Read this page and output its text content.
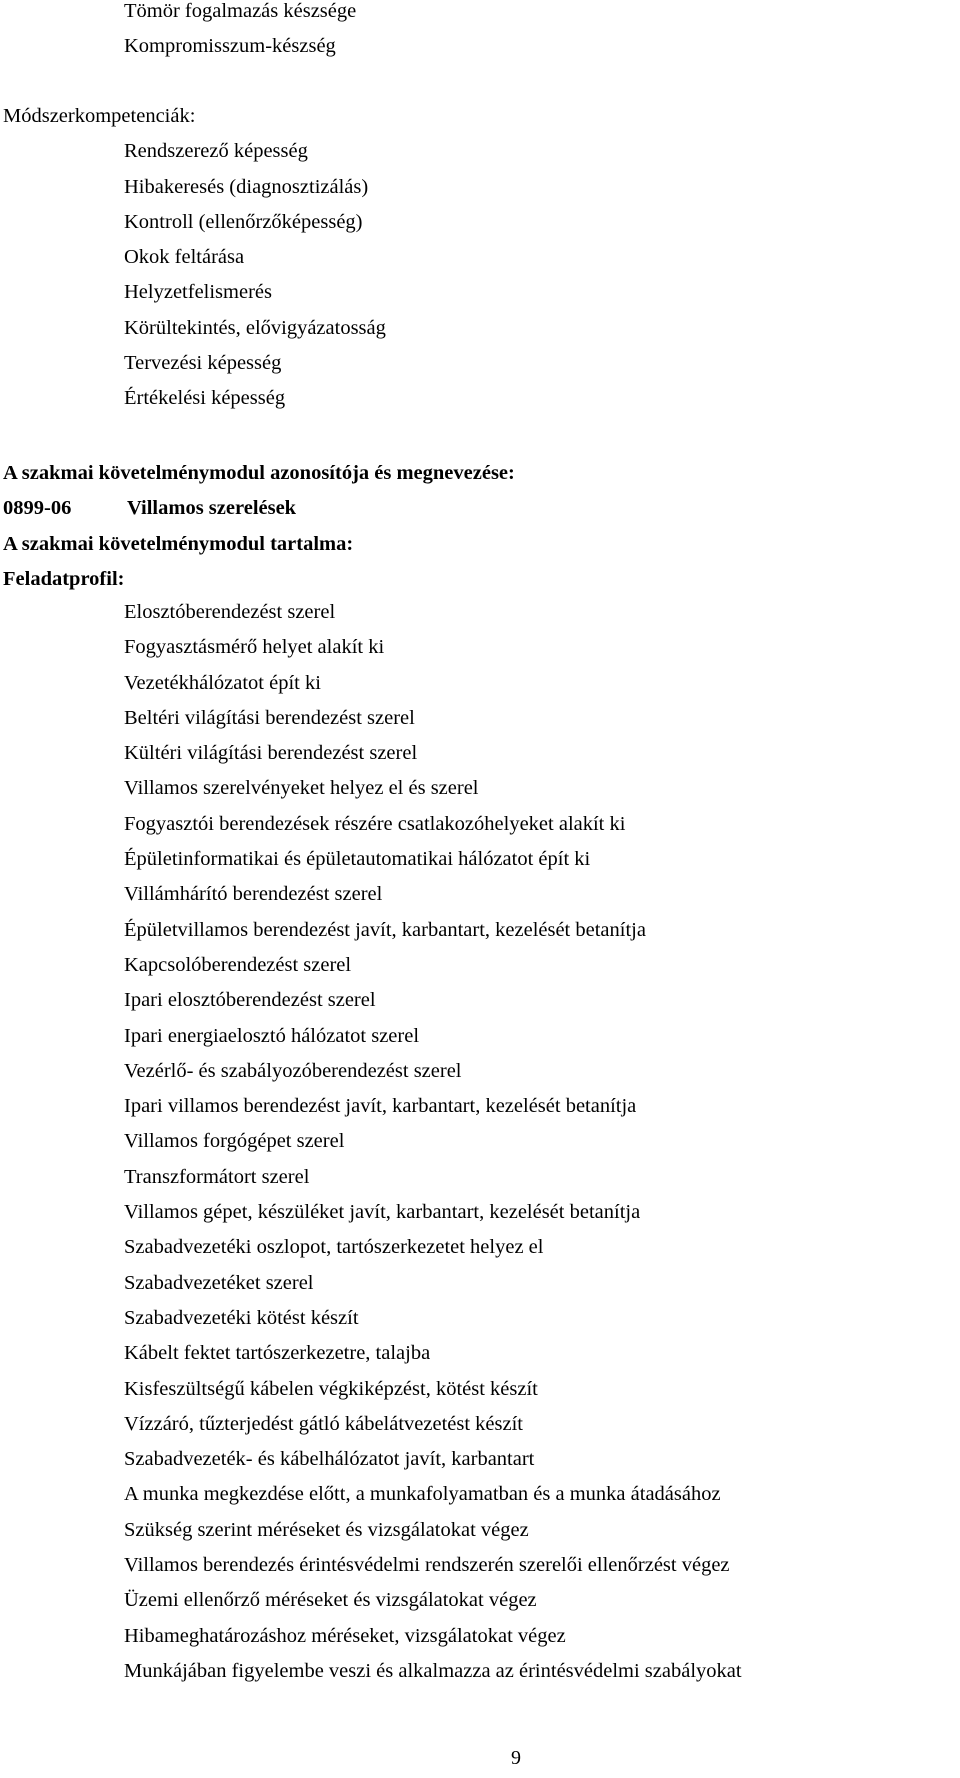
Tömör fogalmazás készsége

Kompromisszum-készség

Módszerkompetenciák:

Rendszerező képesség

Hibakeresés (diagnosztizálás)

Kontroll (ellenőrzőképesség)

Okok feltárása

Helyzetfelismerés

Körültekintés, elővigyázatosság

Tervezési képesség

Értékelési képesség

A szakmai követelménymodul azonosítója és megnevezése:

0899-06	Villamos szerelések

A szakmai követelménymodul tartalma:

Feladatprofil:

Elosztóberendezést szerel

Fogyasztásmérő helyet alakít ki

Vezetékhálózatot épít ki

Beltéri világítási berendezést szerel

Kültéri világítási berendezést szerel

Villamos szerelvényeket helyez el és szerel

Fogyasztói berendezések részére csatlakozóhelyeket alakít ki

Épületinformatikai és épületautomatikai hálózatot épít ki

Villámhárító berendezést szerel

Épületvillamos berendezést javít, karbantart, kezelését betanítja

Kapcsolóberendezést szerel

Ipari elosztóberendezést szerel

Ipari energiaelosztó hálózatot szerel

Vezérlő- és szabályozóberendezést szerel

Ipari villamos berendezést javít, karbantart, kezelését betanítja

Villamos forgógépet szerel

Transzformátort szerel

Villamos gépet, készüléket javít, karbantart, kezelését betanítja

Szabadvezetéki oszlopot, tartószerkezetet helyez el

Szabadvezetéket szerel

Szabadvezetéki kötést készít

Kábelt fektet tartószerkezetre, talajba

Kisfeszültségű kábelen végkiképzést, kötést készít

Vízzáró, tűzterjedést gátló kábelátvezetést készít

Szabadvezeték- és kábelhálózatot javít, karbantart

A munka megkezdése előtt, a munkafolyamatban és a munka átadásához

Szükség szerint méréseket és vizsgálatokat végez

Villamos berendezés érintésvédelmi rendszerén szerelői ellenőrzést végez

Üzemi ellenőrző méréseket és vizsgálatokat végez

Hibameghatározáshoz méréseket, vizsgálatokat végez

Munkájában figyelembe veszi és alkalmazza az érintésvédelmi szabályokat

9
